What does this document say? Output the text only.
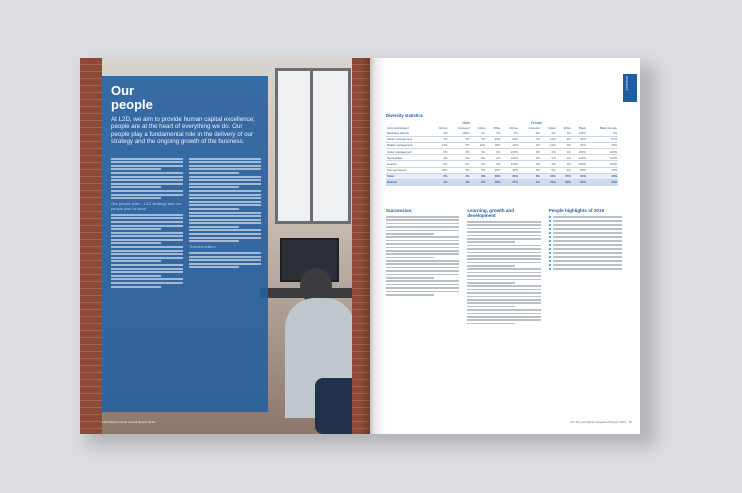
Our
people
At L2D, we aim to provide human capital excellence; people are at the heart of everything we do. Our people play a fundamental role in the delivery of our strategy and the ongoing growth of the business.
Our people plan – L2D strategy and our people plan in hand
Transformation
L2D Digital Limited Annual Report 2019
Governance
Diversity statistics
	Male				Female					
Job position/level	African	Coloured	Indian	White	African	Coloured	Indian	White	Black	Black Female
Executive director	0%	100%	0%	0%	0%	0%	0%	0%	100%	0%
Senior management	7%	0%	0%	43%	29%	7%	21%	0%	43%	57%
Middle management	12%	0%	12%	38%	12%	0%	12%	0%	62%	25%
Junior management	0%	0%	0%	0%	100%	0%	0%	0%	100%	100%
Semi-skilled	0%	0%	0%	0%	100%	0%	0%	0%	100%	100%
Learner	0%	0%	0%	0%	100%	0%	0%	0%	100%	100%
Non-permanent	40%	0%	0%	20%	40%	0%	0%	0%	80%	40%
Total	6%	3%	6%	36%	21%	6%	15%	27%	64%	33%
Overall	3%	3%	6%	36%	27%	3%	15%	20%	65%	33%
Succession	Learning, growth and development
People highlights of 2019
Life Pty Ltd Digital Integrated Report 2019 45
